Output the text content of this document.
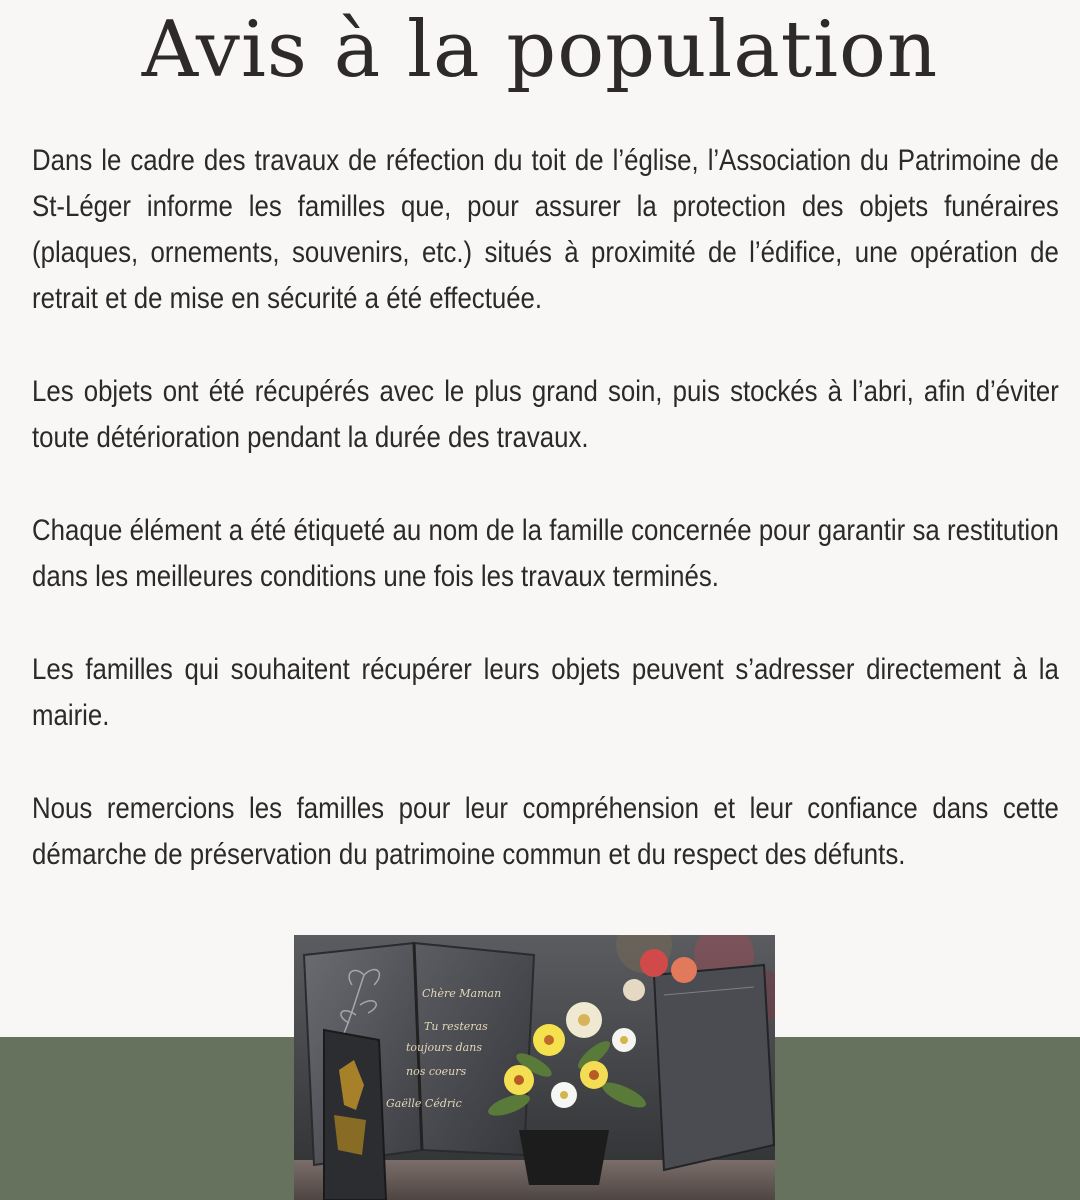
Avis à la population

Dans le cadre des travaux de réfection du toit de l’église, l’Association du Patrimoine de St-Léger informe les familles que, pour assurer la protection des objets funéraires (plaques, ornements, souvenirs, etc.) situés à proximité de l’édifice, une opération de retrait et de mise en sécurité a été effectuée.

Les objets ont été récupérés avec le plus grand soin, puis stockés à l’abri, afin d’éviter toute détérioration pendant la durée des travaux.

Chaque élément a été étiqueté au nom de la famille concernée pour garantir sa restitution dans les meilleures conditions une fois les travaux terminés.

Les familles qui souhaitent récupérer leurs objets peuvent s’adresser directement à la mairie.

Nous remercions les familles pour leur compréhension et leur confiance dans cette démarche de préservation du patrimoine commun et du respect des défunts.

Chère Maman
Tu resteras
toujours dans
nos coeurs
Gaëlle Cédric
